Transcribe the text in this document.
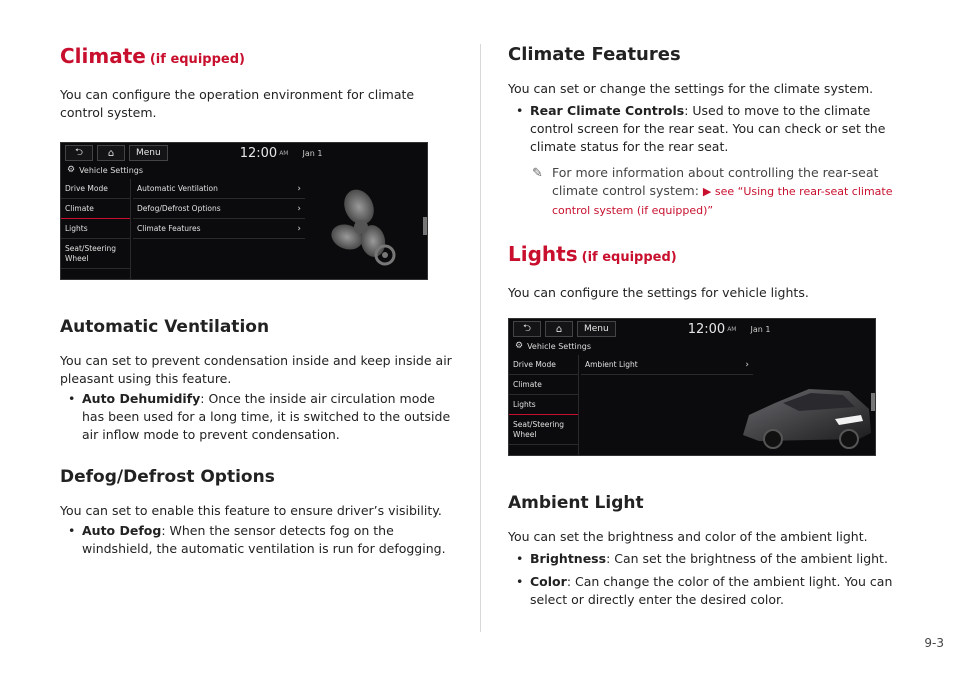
Climate (if equipped)

You can configure the operation environment for climate control system.

⮌	⌂	Menu	12:00 AM Jan 1
⚙ Vehicle Settings
Drive Mode
Climate
Lights
Seat/Steering Wheel
Automatic Ventilation	›
Defog/Defrost Options	›
Climate Features	›
Automatic Ventilation

You can set to prevent condensation inside and keep inside air pleasant using this feature.

• Auto Dehumidify: Once the inside air circulation mode has been used for a long time, it is switched to the outside air inflow mode to prevent condensation.
Defog/Defrost Options

You can set to enable this feature to ensure driver’s visibility.

• Auto Defog: When the sensor detects fog on the windshield, the automatic ventilation is run for defogging.
Climate Features

You can set or change the settings for the climate system.

• Rear Climate Controls: Used to move to the climate control screen for the rear seat. You can check or set the climate status for the rear seat.
✎ For more information about controlling the rear-seat climate control system: ▶ see “Using the rear-seat climate control system (if equipped)”
Lights (if equipped)

You can configure the settings for vehicle lights.

⮌	⌂	Menu	12:00 AM Jan 1
⚙ Vehicle Settings
Drive Mode
Climate
Lights
Seat/Steering Wheel
Ambient Light	›
Ambient Light

You can set the brightness and color of the ambient light.

• Brightness: Can set the brightness of the ambient light.
• Color: Can change the color of the ambient light. You can select or directly enter the desired color.
9-3
